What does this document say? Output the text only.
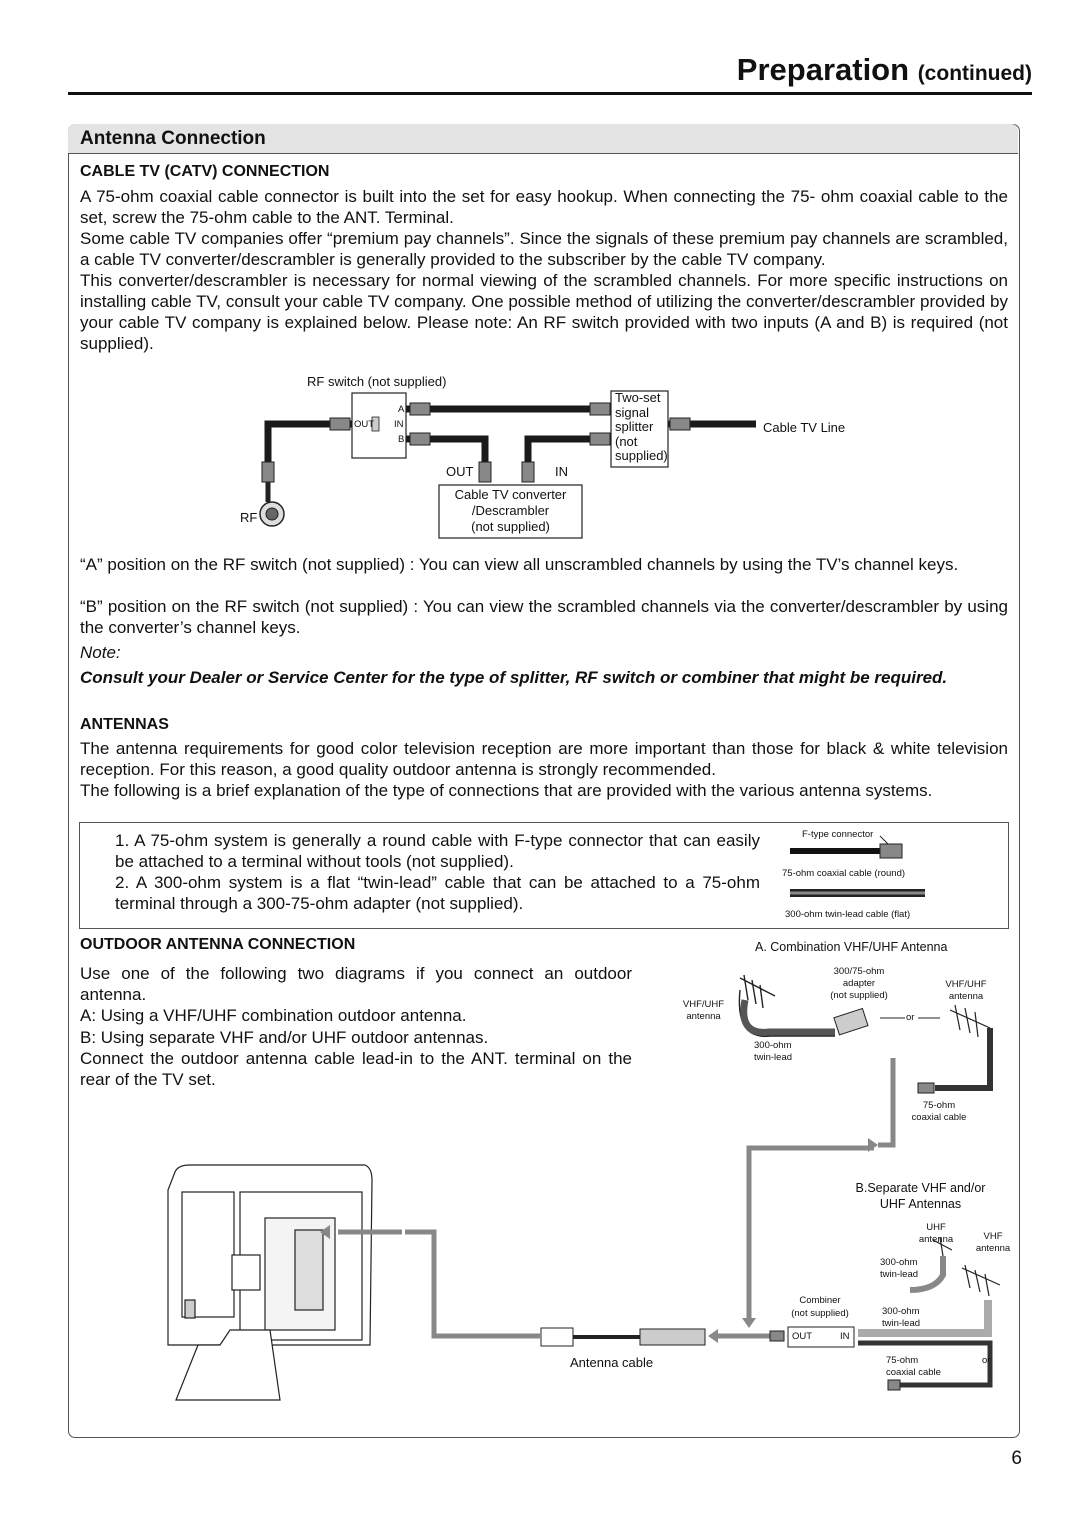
Preparation (continued)
Antenna Connection
CABLE TV (CATV) CONNECTION
A 75-ohm coaxial cable connector is built into the set for easy hookup. When connecting the 75- ohm coaxial cable to the set, screw the 75-ohm cable to the ANT. Terminal.
Some cable TV companies offer “premium pay channels”. Since the signals of these premium pay channels are scrambled, a cable TV converter/descrambler is generally provided to the subscriber by the cable TV company.
This converter/descrambler is necessary for normal viewing of the scrambled channels. For more specific instructions on installing cable TV, consult your cable TV company. One possible method of utilizing the converter/descrambler provided by your cable TV company is explained below. Please note: An RF switch provided with two inputs (A and B) is required (not supplied).
RF switch (not supplied)
A
B
OUT IN
Two-set
signal
splitter
(not
supplied)
Cable TV Line
OUT	IN
Cable TV converter
/Descrambler
(not supplied)
RF
“A” position on the RF switch (not supplied) : You can view all unscrambled channels by using the TV’s channel keys.
“B” position on the RF switch (not supplied) : You can view the scrambled channels via the converter/descrambler by using the converter’s channel keys.
Note:
Consult your Dealer or Service Center for the type of splitter, RF switch or combiner that might be required.
ANTENNAS
The antenna requirements for good color television reception are more important than those for black & white television reception. For this reason, a good quality outdoor antenna is strongly recommended.
The following is a brief explanation of the type of connections that are provided with the various antenna systems.
1. A 75-ohm system is generally a round cable with F-type connector that can easily be attached to a terminal without tools (not supplied).
2. A 300-ohm system is a flat “twin-lead” cable that can be attached to a 75-ohm terminal through a 300-75-ohm adapter (not supplied).
F-type connector
75-ohm coaxial cable (round)
300-ohm twin-lead cable (flat)
OUTDOOR ANTENNA CONNECTION
Use one of the following two diagrams if you connect an outdoor antenna.
A: Using a VHF/UHF combination outdoor antenna.
B: Using separate VHF and/or UHF outdoor antennas.
Connect the outdoor antenna cable lead-in to the ANT. terminal on the rear of the TV set.
A. Combination VHF/UHF Antenna
300/75-ohm
adapter
(not supplied)
VHF/UHF
antenna
VHF/UHF
antenna
or
300-ohm
twin-lead
75-ohm
coaxial cable
B.Separate VHF and/or
UHF Antennas
UHF
antenna	VHF
antenna
300-ohm
twin-lead
Combiner
(not supplied)
OUT	IN
300-ohm
twin-lead
75-ohm
coaxial cable
or
Antenna cable
6
